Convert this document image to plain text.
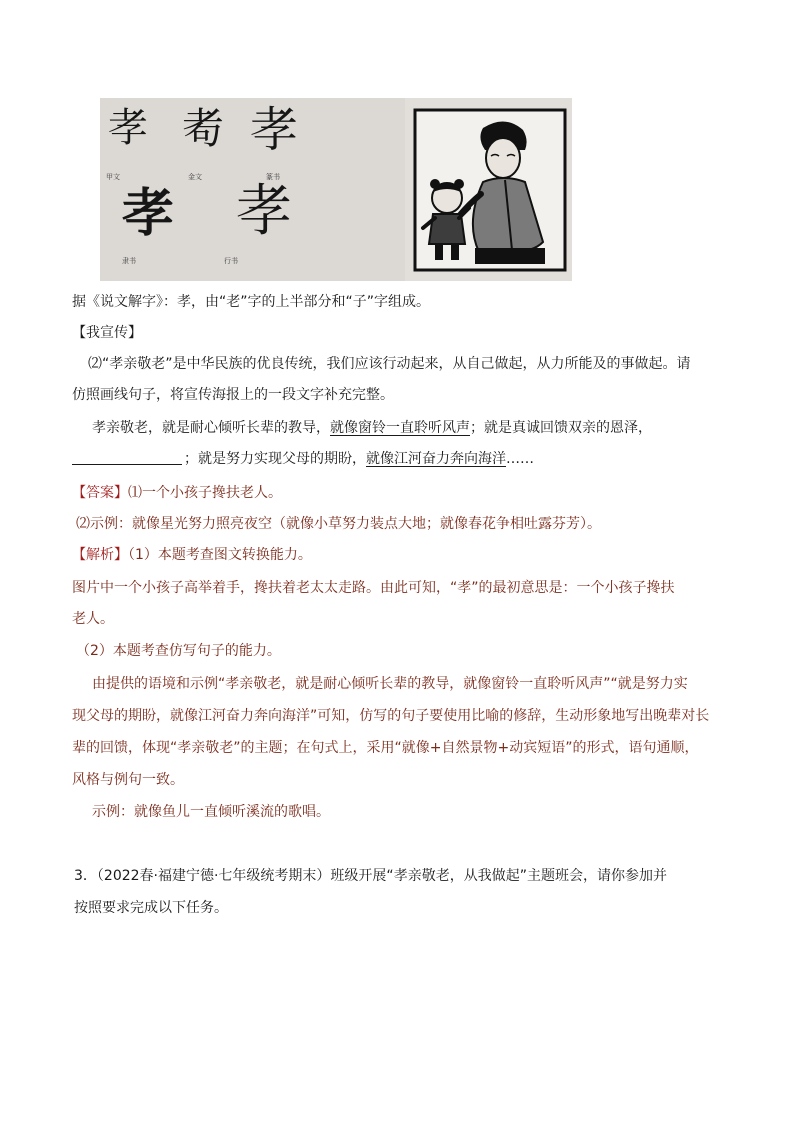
孝 耇 孝
甲文	金文	篆书
孝 孝
隶书	行书
据《说文解字》：孝，由“老”字的上半部分和“子”字组成。
【我宣传】
⑵“孝亲敬老”是中华民族的优良传统，我们应该行动起来，从自己做起，从力所能及的事做起。请
仿照画线句子，将宣传海报上的一段文字补充完整。
孝亲敬老，就是耐心倾听长辈的教导，就像窗铃一直聆听风声；就是真诚回馈双亲的恩泽，
；就是努力实现父母的期盼，就像江河奋力奔向海洋……
【答案】⑴一个小孩子搀扶老人。
⑵示例：就像星光努力照亮夜空（就像小草努力装点大地；就像春花争相吐露芬芳）。
【解析】（1）本题考查图文转换能力。
图片中一个小孩子高举着手，搀扶着老太太走路。由此可知，“孝”的最初意思是：一个小孩子搀扶
老人。
（2）本题考查仿写句子的能力。
由提供的语境和示例“孝亲敬老，就是耐心倾听长辈的教导，就像窗铃一直聆听风声”“就是努力实
现父母的期盼，就像江河奋力奔向海洋”可知，仿写的句子要使用比喻的修辞，生动形象地写出晚辈对长
辈的回馈，体现“孝亲敬老”的主题；在句式上，采用“就像+自然景物+动宾短语”的形式，语句通顺，
风格与例句一致。
示例：就像鱼儿一直倾听溪流的歌唱。
3．（2022春·福建宁德·七年级统考期末）班级开展“孝亲敬老，从我做起”主题班会，请你参加并
按照要求完成以下任务。
